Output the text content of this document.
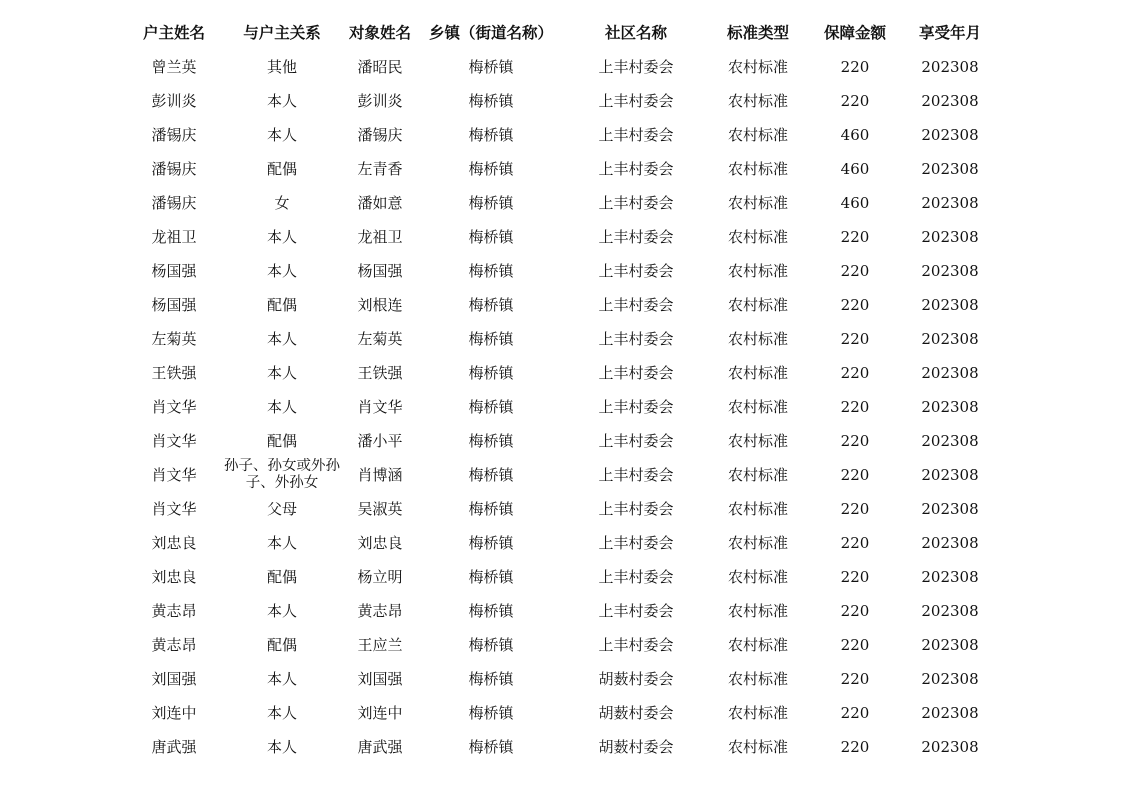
户主姓名	与户主关系	对象姓名	乡镇（街道名称）	社区名称	标准类型	保障金额	享受年月
曾兰英	其他	潘昭民	梅桥镇	上丰村委会	农村标准	220	202308
彭训炎	本人	彭训炎	梅桥镇	上丰村委会	农村标准	220	202308
潘锡庆	本人	潘锡庆	梅桥镇	上丰村委会	农村标准	460	202308
潘锡庆	配偶	左青香	梅桥镇	上丰村委会	农村标准	460	202308
潘锡庆	女	潘如意	梅桥镇	上丰村委会	农村标准	460	202308
龙祖卫	本人	龙祖卫	梅桥镇	上丰村委会	农村标准	220	202308
杨国强	本人	杨国强	梅桥镇	上丰村委会	农村标准	220	202308
杨国强	配偶	刘根连	梅桥镇	上丰村委会	农村标准	220	202308
左菊英	本人	左菊英	梅桥镇	上丰村委会	农村标准	220	202308
王铁强	本人	王铁强	梅桥镇	上丰村委会	农村标准	220	202308
肖文华	本人	肖文华	梅桥镇	上丰村委会	农村标准	220	202308
肖文华	配偶	潘小平	梅桥镇	上丰村委会	农村标准	220	202308
肖文华	孙子、孙女或外孙子、外孙女	肖博涵	梅桥镇	上丰村委会	农村标准	220	202308
肖文华	父母	吴淑英	梅桥镇	上丰村委会	农村标准	220	202308
刘忠良	本人	刘忠良	梅桥镇	上丰村委会	农村标准	220	202308
刘忠良	配偶	杨立明	梅桥镇	上丰村委会	农村标准	220	202308
黄志昂	本人	黄志昂	梅桥镇	上丰村委会	农村标准	220	202308
黄志昂	配偶	王应兰	梅桥镇	上丰村委会	农村标准	220	202308
刘国强	本人	刘国强	梅桥镇	胡薮村委会	农村标准	220	202308
刘连中	本人	刘连中	梅桥镇	胡薮村委会	农村标准	220	202308
唐武强	本人	唐武强	梅桥镇	胡薮村委会	农村标准	220	202308
